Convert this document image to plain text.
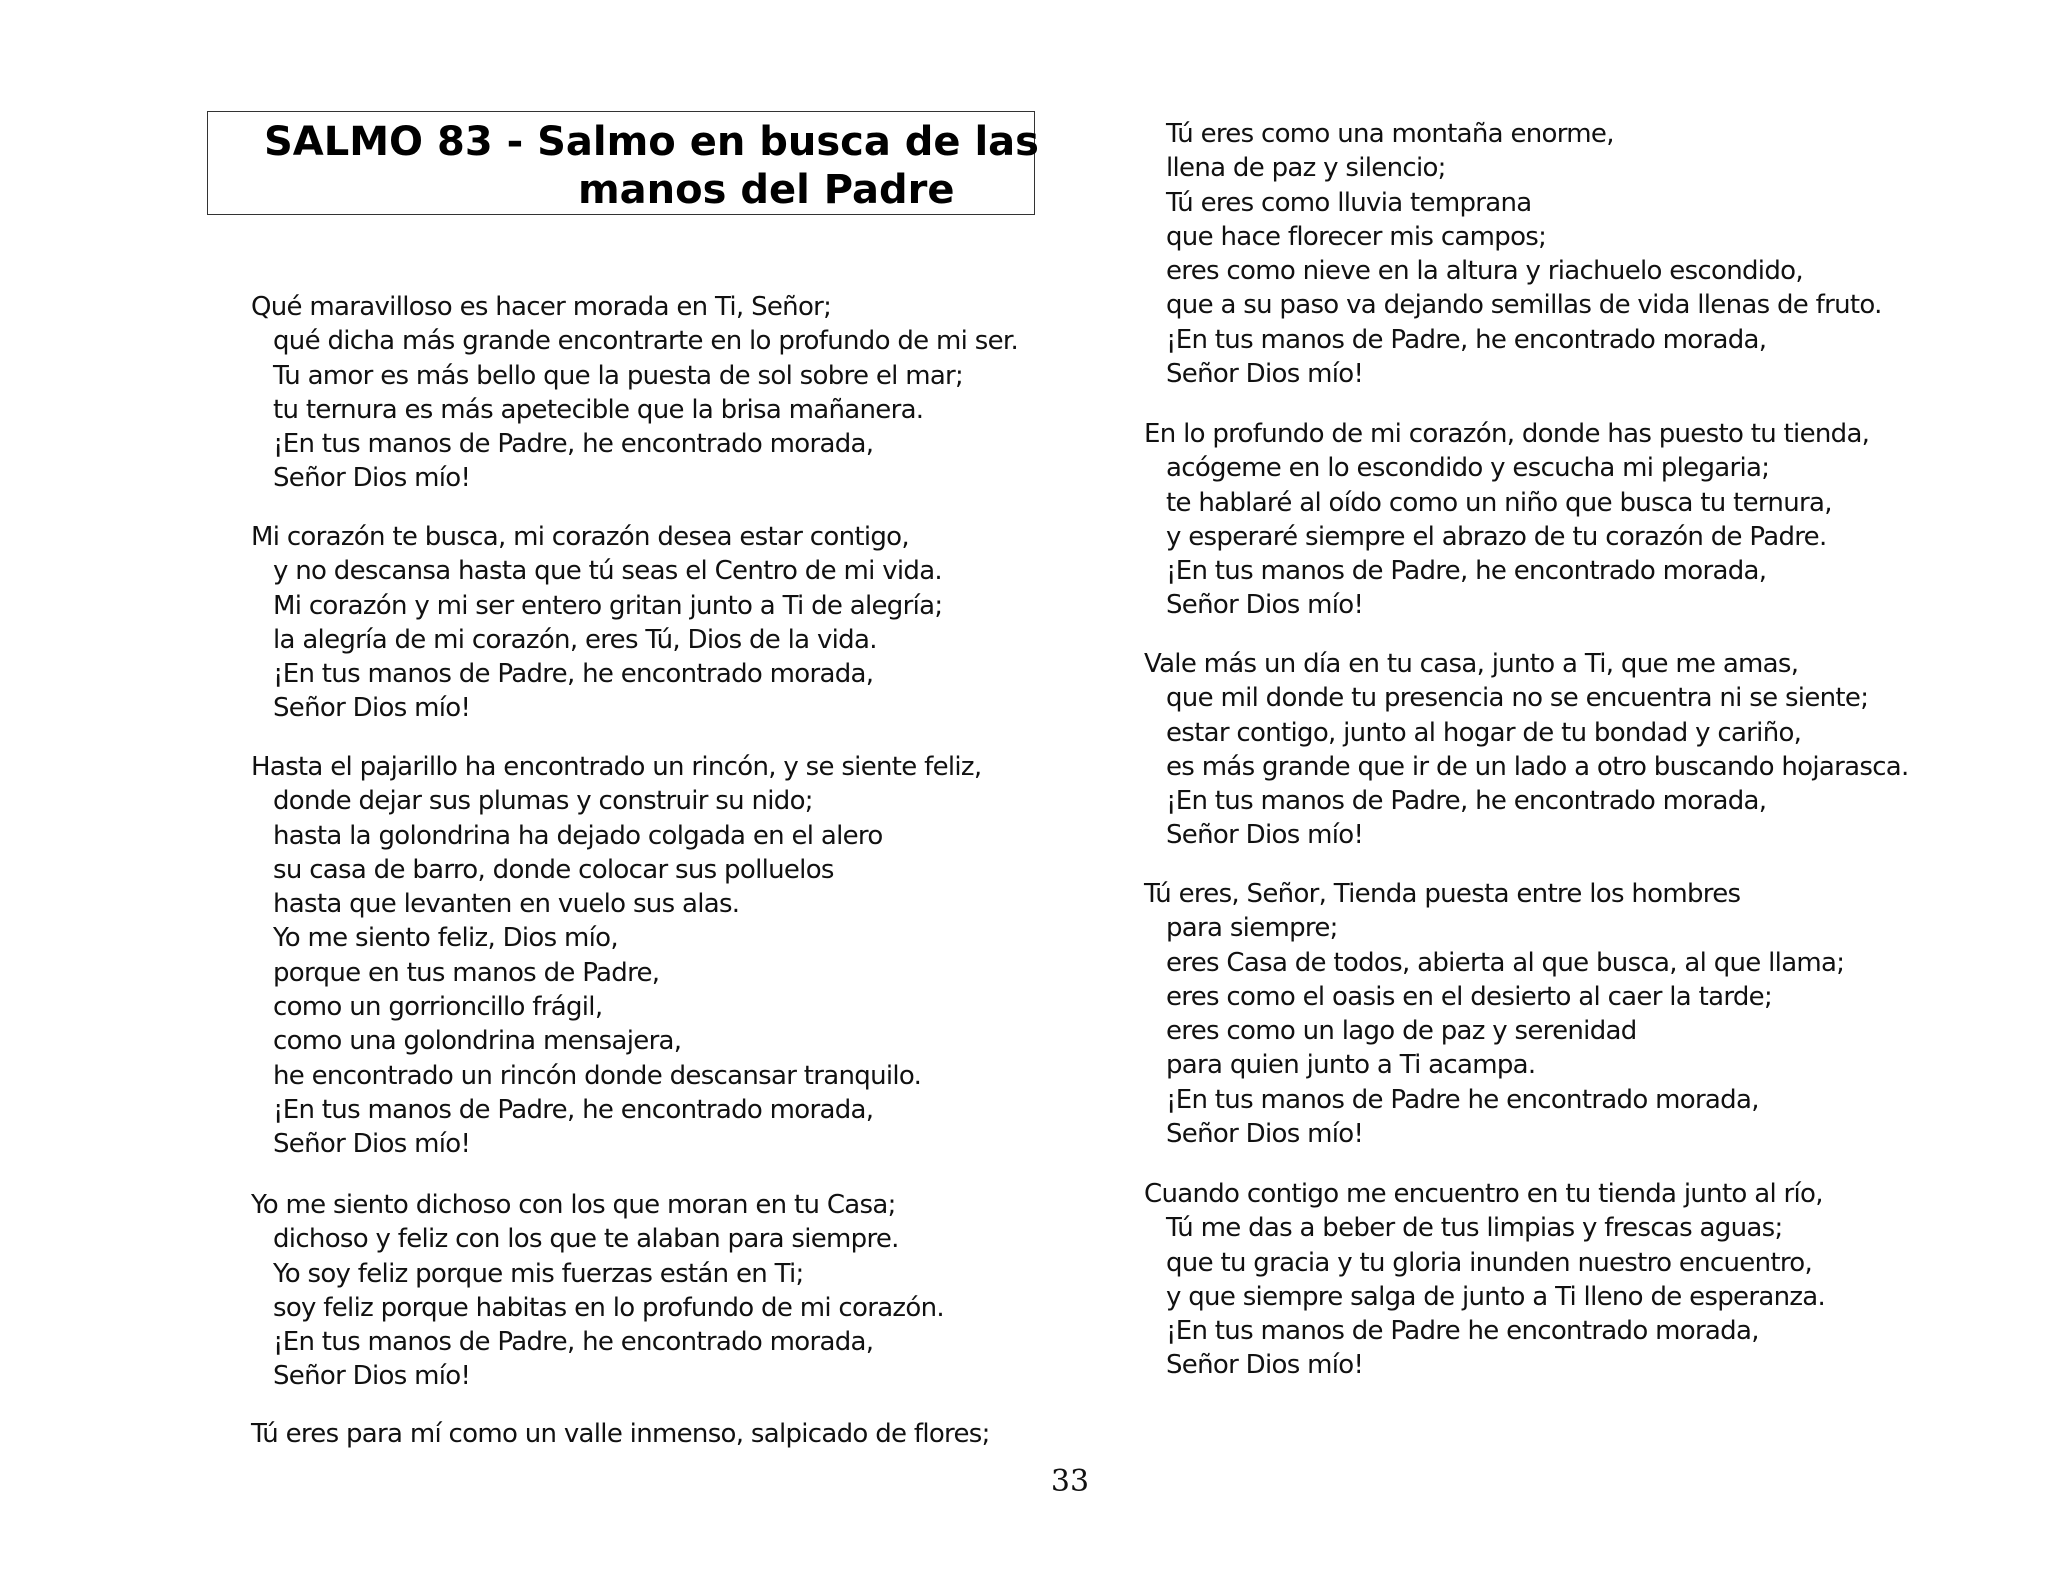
SALMO 83 - Salmo en busca de las
manos del Padre
Qué maravilloso es hacer morada en Ti, Señor;
qué dicha más grande encontrarte en lo profundo de mi ser.
Tu amor es más bello que la puesta de sol sobre el mar;
tu ternura es más apetecible que la brisa mañanera.
¡En tus manos de Padre, he encontrado morada,
Señor Dios mío!
Mi corazón te busca, mi corazón desea estar contigo,
y no descansa hasta que tú seas el Centro de mi vida.
Mi corazón y mi ser entero gritan junto a Ti de alegría;
la alegría de mi corazón, eres Tú, Dios de la vida.
¡En tus manos de Padre, he encontrado morada,
Señor Dios mío!
Hasta el pajarillo ha encontrado un rincón, y se siente feliz,
donde dejar sus plumas y construir su nido;
hasta la golondrina ha dejado colgada en el alero
su casa de barro, donde colocar sus polluelos
hasta que levanten en vuelo sus alas.
Yo me siento feliz, Dios mío,
porque en tus manos de Padre,
como un gorrioncillo frágil,
como una golondrina mensajera,
he encontrado un rincón donde descansar tranquilo.
¡En tus manos de Padre, he encontrado morada,
Señor Dios mío!
Yo me siento dichoso con los que moran en tu Casa;
dichoso y feliz con los que te alaban para siempre.
Yo soy feliz porque mis fuerzas están en Ti;
soy feliz porque habitas en lo profundo de mi corazón.
¡En tus manos de Padre, he encontrado morada,
Señor Dios mío!
Tú eres para mí como un valle inmenso, salpicado de flores;
Tú eres como una montaña enorme,
llena de paz y silencio;
Tú eres como lluvia temprana
que hace florecer mis campos;
eres como nieve en la altura y riachuelo escondido,
que a su paso va dejando semillas de vida llenas de fruto.
¡En tus manos de Padre, he encontrado morada,
Señor Dios mío!
En lo profundo de mi corazón, donde has puesto tu tienda,
acógeme en lo escondido y escucha mi plegaria;
te hablaré al oído como un niño que busca tu ternura,
y esperaré siempre el abrazo de tu corazón de Padre.
¡En tus manos de Padre, he encontrado morada,
Señor Dios mío!
Vale más un día en tu casa, junto a Ti, que me amas,
que mil donde tu presencia no se encuentra ni se siente;
estar contigo, junto al hogar de tu bondad y cariño,
es más grande que ir de un lado a otro buscando hojarasca.
¡En tus manos de Padre, he encontrado morada,
Señor Dios mío!
Tú eres, Señor, Tienda puesta entre los hombres
para siempre;
eres Casa de todos, abierta al que busca, al que llama;
eres como el oasis en el desierto al caer la tarde;
eres como un lago de paz y serenidad
para quien junto a Ti acampa.
¡En tus manos de Padre he encontrado morada,
Señor Dios mío!
Cuando contigo me encuentro en tu tienda junto al río,
Tú me das a beber de tus limpias y frescas aguas;
que tu gracia y tu gloria inunden nuestro encuentro,
y que siempre salga de junto a Ti lleno de esperanza.
¡En tus manos de Padre he encontrado morada,
Señor Dios mío!
33
